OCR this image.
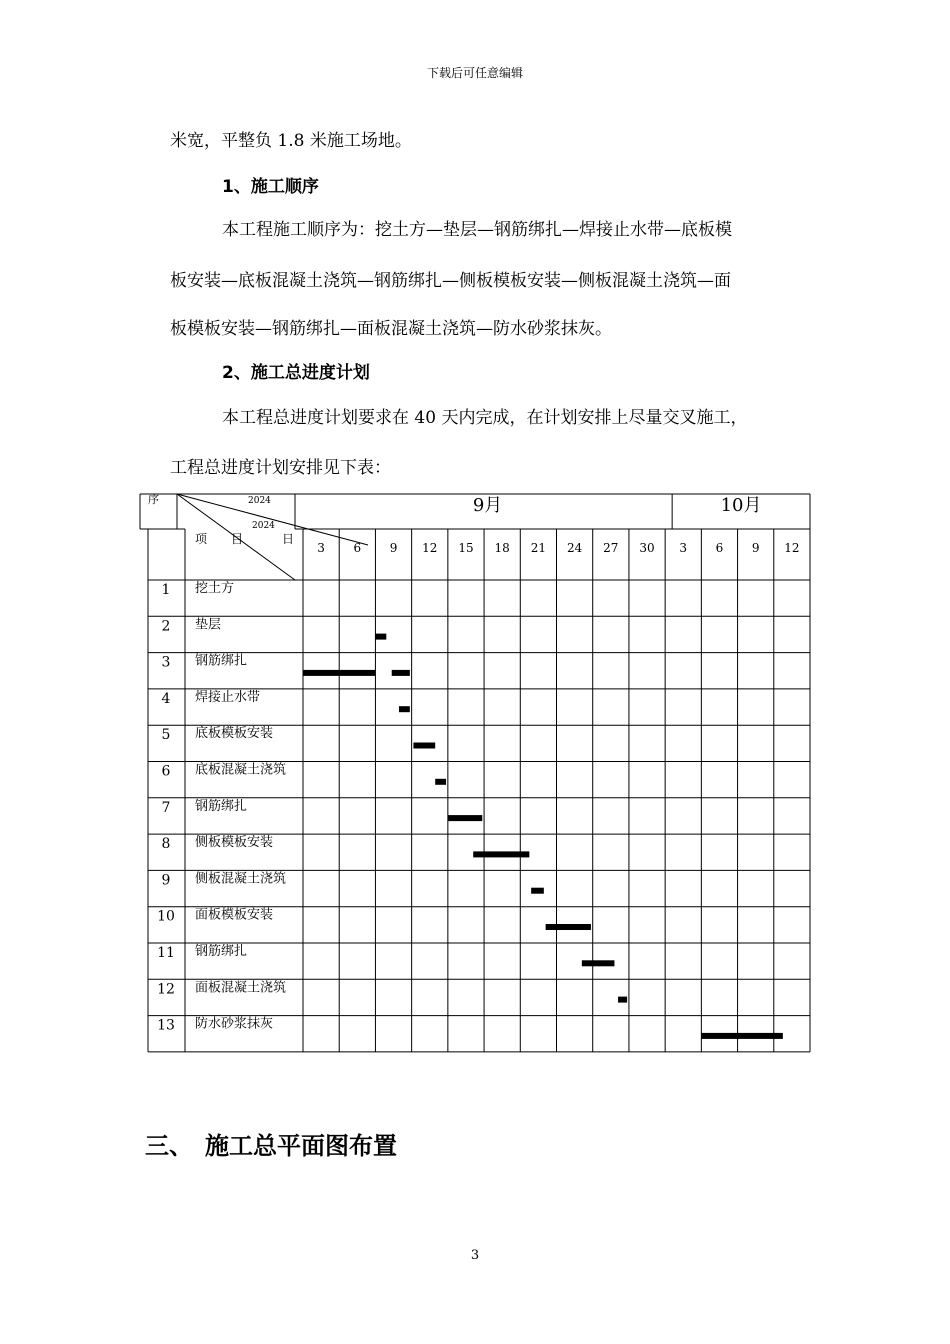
下载后可任意编辑
米宽，平整负 1.8 米施工场地。
1、施工顺序
本工程施工顺序为：挖土方—垫层—钢筋绑扎—焊接止水带—底板模
板安装—底板混凝土浇筑—钢筋绑扎—侧板模板安装—侧板混凝土浇筑—面
板模板安装—钢筋绑扎—面板混凝土浇筑—防水砂浆抹灰。
2、施工总进度计划
本工程总进度计划要求在 40 天内完成，在计划安排上尽量交叉施工，
工程总进度计划安排见下表：
序	2024
2024
项　　目	日
9月	10月
3 6 9 12 15 18 21 24 27 30 3 6 9 12
1 挖土方
2 垫层
3 钢筋绑扎
4 焊接止水带
5 底板模板安装
6 底板混凝土浇筑
7 钢筋绑扎
8 侧板模板安装
9 侧板混凝土浇筑
10 面板模板安装
11 钢筋绑扎
12 面板混凝土浇筑
13 防水砂浆抹灰
三、　施工总平面图布置
3
